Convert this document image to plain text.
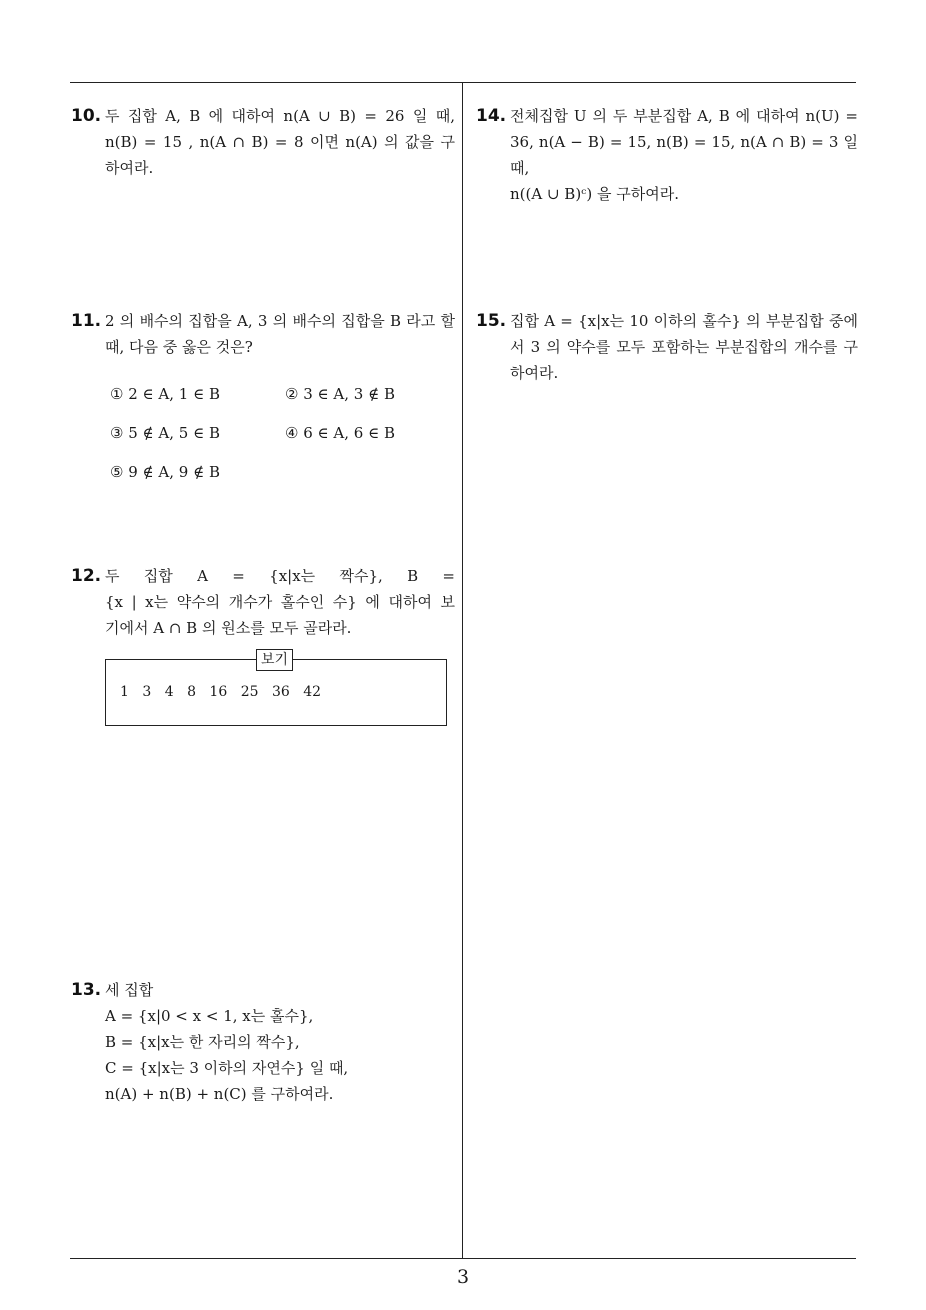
10. 두 집합 A, B 에 대하여 n(A ∪ B) = 26 일 때,
n(B) = 15 , n(A ∩ B) = 8 이면 n(A) 의 값을 구
하여라.
11. 2 의 배수의 집합을 A, 3 의 배수의 집합을 B 라고 할
때, 다음 중 옳은 것은?
① 2 ∈ A, 1 ∈ B	② 3 ∈ A, 3 ∉ B
③ 5 ∉ A, 5 ∈ B	④ 6 ∈ A, 6 ∈ B
⑤ 9 ∉ A, 9 ∉ B
12. 두 집합 A = {x|x는 짝수}, B =
{x | x는 약수의 개수가 홀수인 수} 에 대하여 보
기에서 A ∩ B 의 원소를 모두 골라라.
보기
1 3 4 8 16 25 36 42
13. 세 집합
A = {x|0 < x < 1, x는 홀수},
B = {x|x는 한 자리의 짝수},
C = {x|x는 3 이하의 자연수} 일 때,
n(A) + n(B) + n(C) 를 구하여라.
14. 전체집합 U 의 두 부분집합 A, B 에 대하여 n(U) =
36, n(A − B) = 15, n(B) = 15, n(A ∩ B) = 3 일 때,
n((A ∪ B)ᶜ) 을 구하여라.
15. 집합 A = {x|x는 10 이하의 홀수} 의 부분집합 중에
서 3 의 약수를 모두 포함하는 부분집합의 개수를 구
하여라.
3
